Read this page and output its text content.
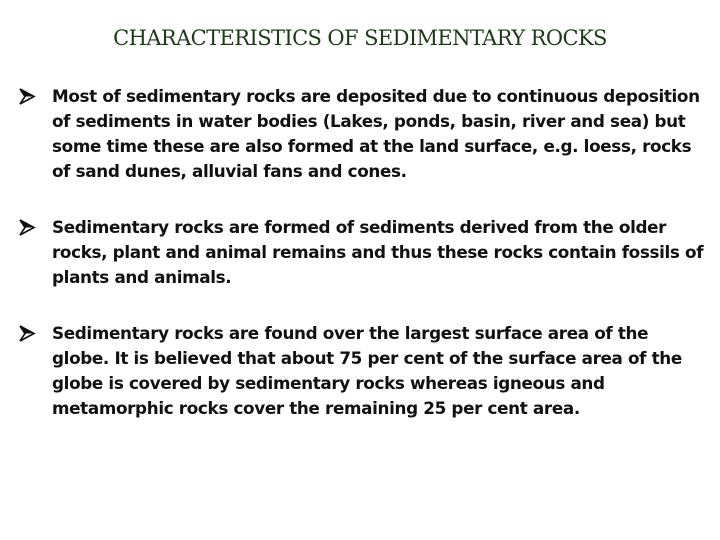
CHARACTERISTICS OF SEDIMENTARY ROCKS
Most of sedimentary rocks are deposited due to continuous deposition of sediments in water bodies (Lakes, ponds, basin, river and sea) but some time these are also formed at the land surface, e.g. loess, rocks of sand dunes, alluvial fans and cones.
Sedimentary rocks are formed of sediments derived from the older rocks, plant and animal remains and thus these rocks contain fossils of plants and animals.
Sedimentary rocks are found over the largest surface area of the globe. It is believed that about 75 per cent of the surface area of the globe is covered by sedimentary rocks whereas igneous and metamorphic rocks cover the remaining 25 per cent area.
